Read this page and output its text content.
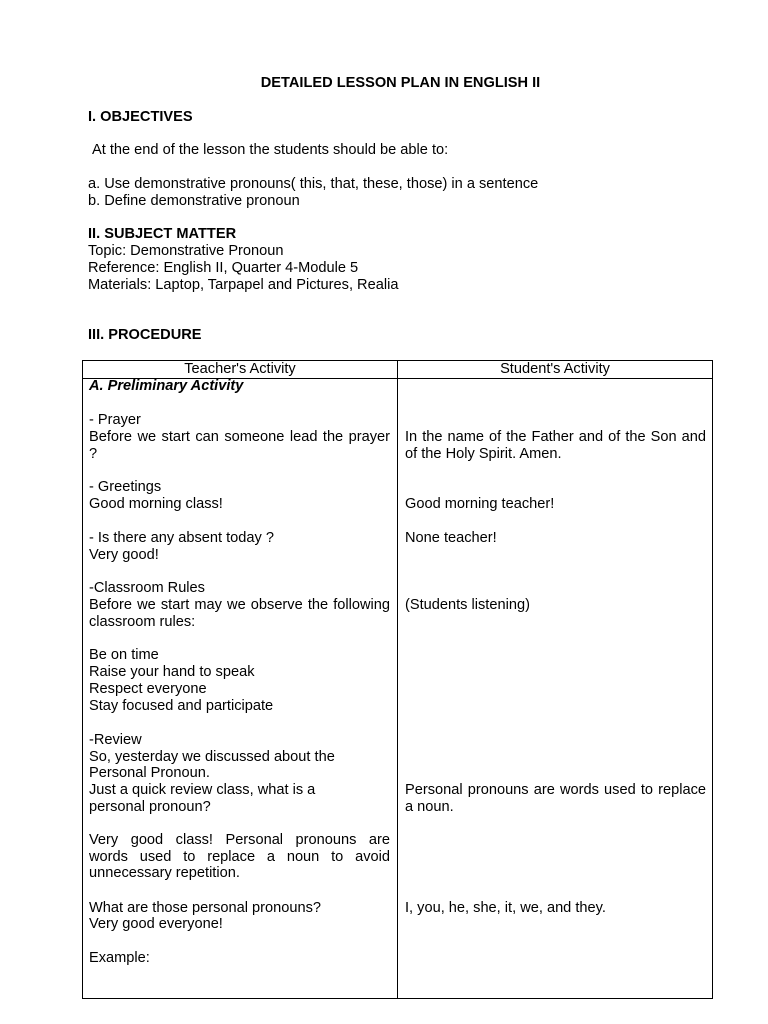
DETAILED LESSON PLAN IN ENGLISH II
I. OBJECTIVES
At the end of the lesson the students should be able to:
a. Use demonstrative pronouns( this, that, these, those) in a sentence
b. Define demonstrative pronoun
II. SUBJECT MATTER
Topic: Demonstrative Pronoun
Reference: English II, Quarter 4-Module 5
Materials: Laptop, Tarpapel and Pictures, Realia
III. PROCEDURE
Teacher's Activity	Student's Activity
A. Preliminary Activity
- Prayer
Before we start can someone lead the prayer ?
- Greetings
Good morning class!
- Is there any absent today ?
Very good!
-Classroom Rules
Before we start may we observe the following classroom rules:
Be on time
Raise your hand to speak
Respect everyone
Stay focused and participate
-Review
So, yesterday we discussed about the
Personal Pronoun.
Just a quick review class, what is a
personal pronoun?
Very good class! Personal pronouns are words used to replace a noun to avoid unnecessary repetition.
What are those personal pronouns?
Very good everyone!
Example:
In the name of the Father and of the Son and of the Holy Spirit. Amen.
Good morning teacher!
None teacher!
(Students listening)
Personal pronouns are words used to replace a noun.
I, you, he, she, it, we, and they.
